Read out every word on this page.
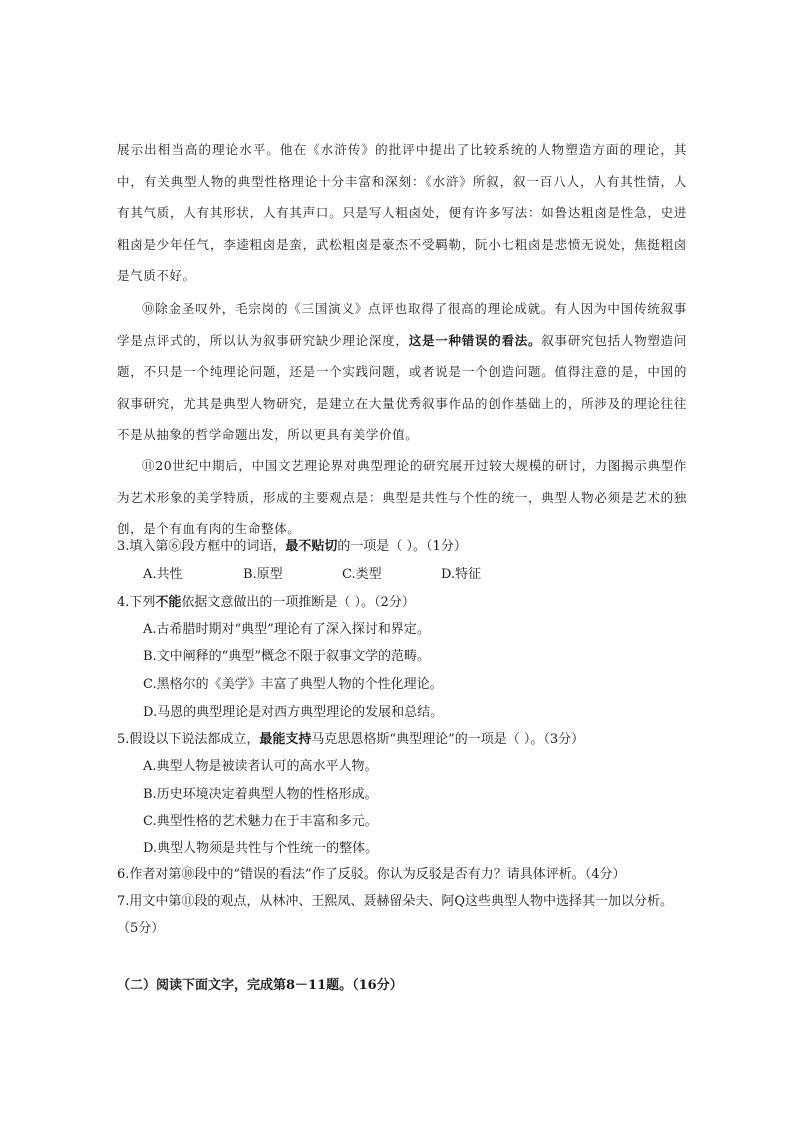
展示出相当高的理论水平。他在《水浒传》的批评中提出了比较系统的人物塑造方面的理论，其中，有关典型人物的典型性格理论十分丰富和深刻：《水浒》所叙，叙一百八人，人有其性情，人有其气质，人有其形状，人有其声口。只是写人粗卤处，便有许多写法：如鲁达粗卤是性急，史进粗卤是少年任气，李逵粗卤是蛮，武松粗卤是豪杰不受羁勒，阮小七粗卤是悲愤无说处，焦挺粗卤是气质不好。

⑩除金圣叹外，毛宗岗的《三国演义》点评也取得了很高的理论成就。有人因为中国传统叙事学是点评式的，所以认为叙事研究缺少理论深度，这是一种错误的看法。叙事研究包括人物塑造问题，不只是一个纯理论问题，还是一个实践问题，或者说是一个创造问题。值得注意的是，中国的叙事研究，尤其是典型人物研究，是建立在大量优秀叙事作品的创作基础上的，所涉及的理论往往不是从抽象的哲学命题出发，所以更具有美学价值。

⑪20世纪中期后，中国文艺理论界对典型理论的研究展开过较大规模的研讨，力图揭示典型作为艺术形象的美学特质，形成的主要观点是：典型是共性与个性的统一，典型人物必须是艺术的独创，是个有血有肉的生命整体。

3.填入第⑥段方框中的词语，最不贴切的一项是（ ）。（1分）

A.共性	B.原型	C.类型	D.特征

4.下列不能依据文意做出的一项推断是（ ）。（2分）

A.古希腊时期对“典型”理论有了深入探讨和界定。

B.文中阐释的“典型”概念不限于叙事文学的范畴。

C.黑格尔的《美学》丰富了典型人物的个性化理论。

D.马恩的典型理论是对西方典型理论的发展和总结。

5.假设以下说法都成立，最能支持马克思恩格斯“典型理论”的一项是（ ）。（3分）

A.典型人物是被读者认可的高水平人物。

B.历史环境决定着典型人物的性格形成。

C.典型性格的艺术魅力在于丰富和多元。

D.典型人物须是共性与个性统一的整体。

6.作者对第⑩段中的“错误的看法”作了反驳。你认为反驳是否有力？请具体评析。（4分）

7.用文中第⑪段的观点，从林冲、王熙凤、聂赫留朵夫、阿Q这些典型人物中选择其一加以分析。（5分）

（二）阅读下面文字，完成第8－11题。（16分）
